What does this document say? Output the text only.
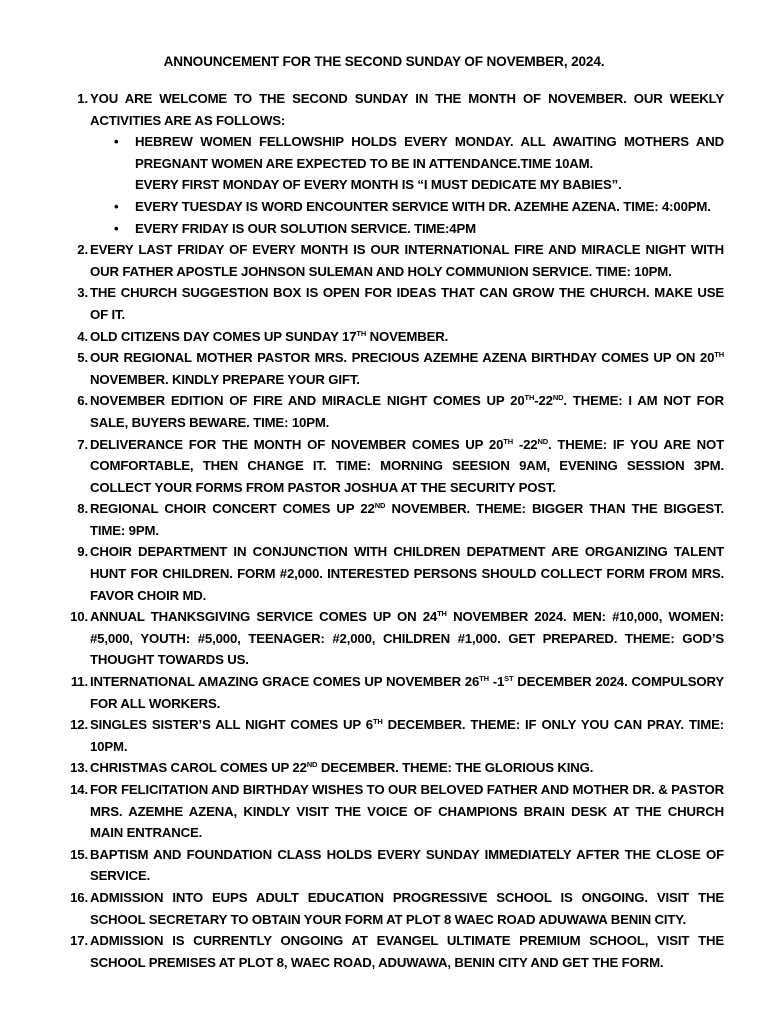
ANNOUNCEMENT FOR THE SECOND SUNDAY OF NOVEMBER, 2024.
1. YOU ARE WELCOME TO THE SECOND SUNDAY IN THE MONTH OF NOVEMBER. OUR WEEKLY ACTIVITIES ARE AS FOLLOWS:
• HEBREW WOMEN FELLOWSHIP HOLDS EVERY MONDAY. ALL AWAITING MOTHERS AND PREGNANT WOMEN ARE EXPECTED TO BE IN ATTENDANCE.TIME 10AM.
EVERY FIRST MONDAY OF EVERY MONTH IS “I MUST DEDICATE MY BABIES”.
• EVERY TUESDAY IS WORD ENCOUNTER SERVICE WITH DR. AZEMHE AZENA. TIME: 4:00PM.
• EVERY FRIDAY IS OUR SOLUTION SERVICE. TIME:4PM
2. EVERY LAST FRIDAY OF EVERY MONTH IS OUR INTERNATIONAL FIRE AND MIRACLE NIGHT WITH OUR FATHER APOSTLE JOHNSON SULEMAN AND HOLY COMMUNION SERVICE. TIME: 10PM.
3. THE CHURCH SUGGESTION BOX IS OPEN FOR IDEAS THAT CAN GROW THE CHURCH. MAKE USE OF IT.
4. OLD CITIZENS DAY COMES UP SUNDAY 17TH NOVEMBER.
5. OUR REGIONAL MOTHER PASTOR MRS. PRECIOUS AZEMHE AZENA BIRTHDAY COMES UP ON 20TH NOVEMBER. KINDLY PREPARE YOUR GIFT.
6. NOVEMBER EDITION OF FIRE AND MIRACLE NIGHT COMES UP 20TH-22ND. THEME: I AM NOT FOR SALE, BUYERS BEWARE. TIME: 10PM.
7. DELIVERANCE FOR THE MONTH OF NOVEMBER COMES UP 20TH -22ND. THEME: IF YOU ARE NOT COMFORTABLE, THEN CHANGE IT. TIME: MORNING SEESION 9AM, EVENING SESSION 3PM. COLLECT YOUR FORMS FROM PASTOR JOSHUA AT THE SECURITY POST.
8. REGIONAL CHOIR CONCERT COMES UP 22ND NOVEMBER. THEME: BIGGER THAN THE BIGGEST. TIME: 9PM.
9. CHOIR DEPARTMENT IN CONJUNCTION WITH CHILDREN DEPATMENT ARE ORGANIZING TALENT HUNT FOR CHILDREN. FORM #2,000. INTERESTED PERSONS SHOULD COLLECT FORM FROM MRS. FAVOR CHOIR MD.
10. ANNUAL THANKSGIVING SERVICE COMES UP ON 24TH NOVEMBER 2024. MEN: #10,000, WOMEN: #5,000, YOUTH: #5,000, TEENAGER: #2,000, CHILDREN #1,000. GET PREPARED. THEME: GOD’S THOUGHT TOWARDS US.
11. INTERNATIONAL AMAZING GRACE COMES UP NOVEMBER 26TH -1ST DECEMBER 2024. COMPULSORY FOR ALL WORKERS.
12. SINGLES SISTER’S ALL NIGHT COMES UP 6TH DECEMBER. THEME: IF ONLY YOU CAN PRAY. TIME: 10PM.
13. CHRISTMAS CAROL COMES UP 22ND DECEMBER. THEME: THE GLORIOUS KING.
14. FOR FELICITATION AND BIRTHDAY WISHES TO OUR BELOVED FATHER AND MOTHER DR. & PASTOR MRS. AZEMHE AZENA, KINDLY VISIT THE VOICE OF CHAMPIONS BRAIN DESK AT THE CHURCH MAIN ENTRANCE.
15. BAPTISM AND FOUNDATION CLASS HOLDS EVERY SUNDAY IMMEDIATELY AFTER THE CLOSE OF SERVICE.
16. ADMISSION INTO EUPS ADULT EDUCATION PROGRESSIVE SCHOOL IS ONGOING. VISIT THE SCHOOL SECRETARY TO OBTAIN YOUR FORM AT PLOT 8 WAEC ROAD ADUWAWA BENIN CITY.
17. ADMISSION IS CURRENTLY ONGOING AT EVANGEL ULTIMATE PREMIUM SCHOOL, VISIT THE SCHOOL PREMISES AT PLOT 8, WAEC ROAD, ADUWAWA, BENIN CITY AND GET THE FORM.
